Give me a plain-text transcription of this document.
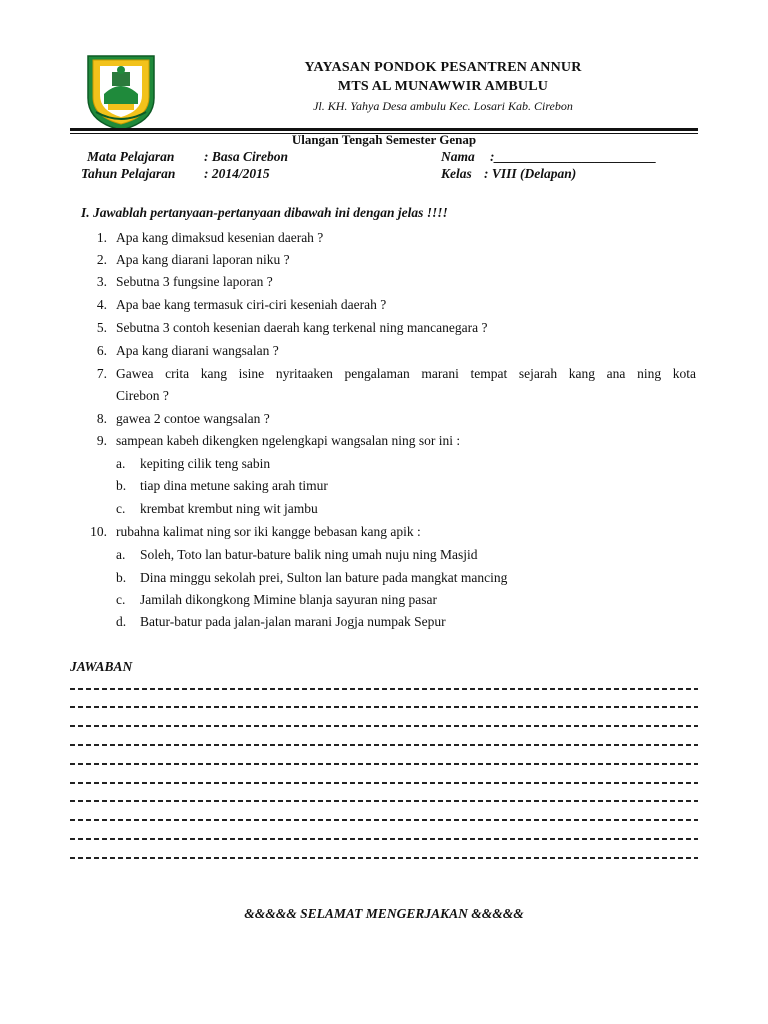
YAYASAN PONDOK PESANTREN ANNUR
MTS AL MUNAWWIR AMBULU
Jl. KH. Yahya Desa ambulu Kec. Losari Kab. Cirebon
Ulangan Tengah Semester Genap
Mata Pelajaran : Basa Cirebon
Tahun Pelajaran : 2014/2015
Nama :________________________
Kelas : VIII (Delapan)
I. Jawablah pertanyaan-pertanyaan dibawah ini dengan jelas !!!!
1. Apa kang dimaksud kesenian daerah ?
2. Apa kang diarani laporan niku ?
3. Sebutna 3 fungsine laporan ?
4. Apa bae kang termasuk ciri-ciri keseniah daerah ?
5. Sebutna 3 contoh kesenian daerah kang terkenal ning mancanegara ?
6. Apa kang diarani wangsalan ?
7. Gawea crita kang isine nyritaaken pengalaman marani tempat sejarah kang ana ning kota
Cirebon ?
8. gawea 2 contoe wangsalan ?
9. sampean kabeh dikengken ngelengkapi wangsalan ning sor ini :
a. kepiting cilik teng sabin
b. tiap dina metune saking arah timur
c. krembat krembut ning wit jambu
10. rubahna kalimat ning sor iki kangge bebasan kang apik :
a. Soleh, Toto lan batur-bature balik ning umah nuju ning Masjid
b. Dina minggu sekolah prei, Sulton lan bature pada mangkat mancing
c. Jamilah dikongkong Mimine blanja sayuran ning pasar
d. Batur-batur pada jalan-jalan marani Jogja numpak Sepur
JAWABAN
&&&&& SELAMAT MENGERJAKAN &&&&&
